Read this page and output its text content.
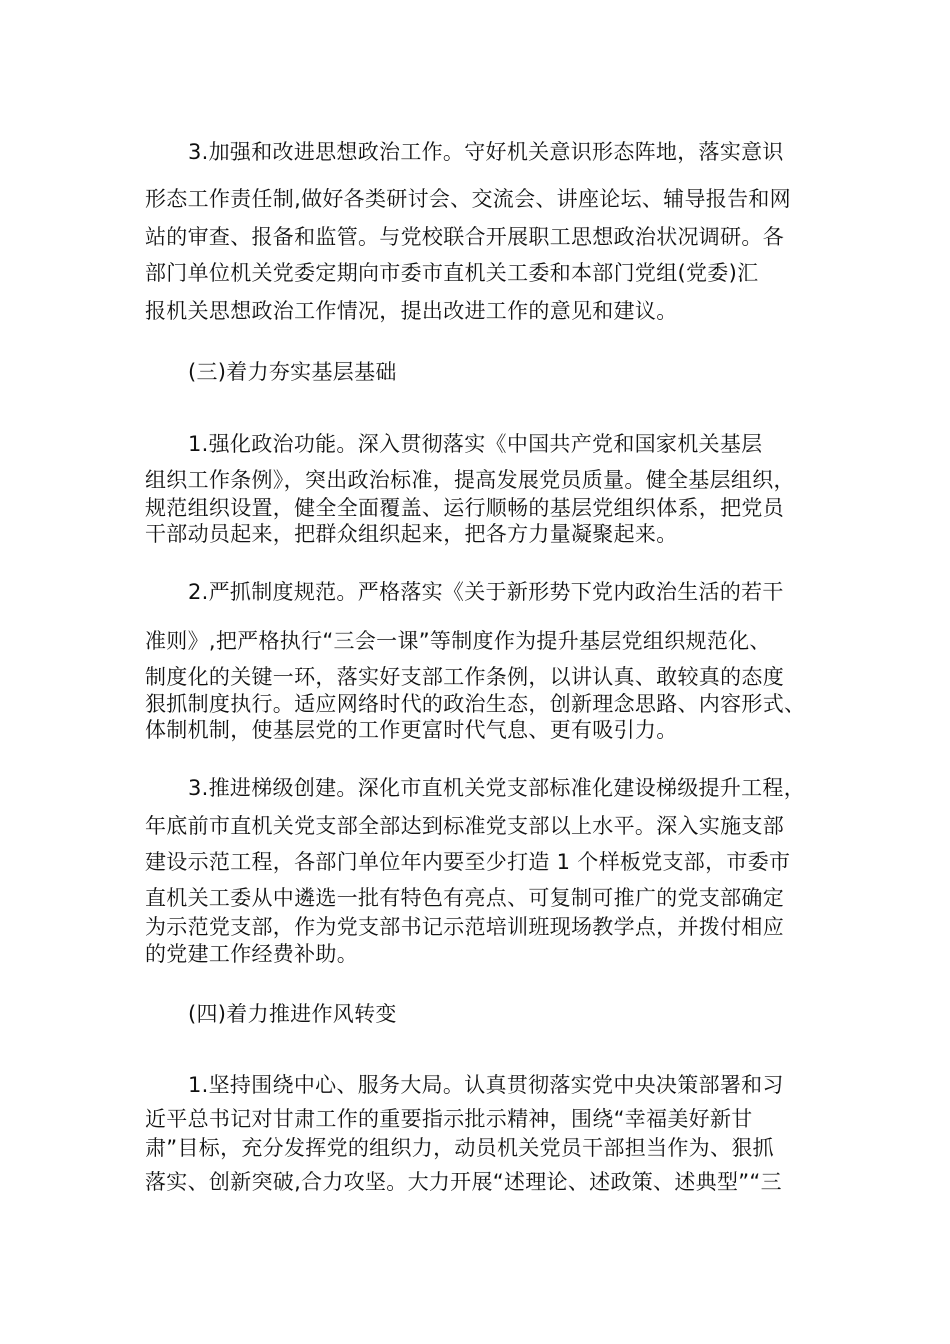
3.加强和改进思想政治工作。守好机关意识形态阵地，落实意识
形态工作责任制,做好各类研讨会、交流会、讲座论坛、辅导报告和网
站的审查、报备和监管。与党校联合开展职工思想政治状况调研。各
部门单位机关党委定期向市委市直机关工委和本部门党组(党委)汇
报机关思想政治工作情况，提出改进工作的意见和建议。
(三)着力夯实基层基础
1.强化政治功能。深入贯彻落实《中国共产党和国家机关基层
组织工作条例》，突出政治标准，提高发展党员质量。健全基层组织，
规范组织设置，健全全面覆盖、运行顺畅的基层党组织体系，把党员
干部动员起来，把群众组织起来，把各方力量凝聚起来。
2.严抓制度规范。严格落实《关于新形势下党内政治生活的若干
准则》,把严格执行“三会一课”等制度作为提升基层党组织规范化、
制度化的关键一环，落实好支部工作条例，以讲认真、敢较真的态度
狠抓制度执行。适应网络时代的政治生态，创新理念思路、内容形式、
体制机制，使基层党的工作更富时代气息、更有吸引力。
3.推进梯级创建。深化市直机关党支部标准化建设梯级提升工程，
年底前市直机关党支部全部达到标准党支部以上水平。深入实施支部
建设示范工程，各部门单位年内要至少打造 1 个样板党支部，市委市
直机关工委从中遴选一批有特色有亮点、可复制可推广的党支部确定
为示范党支部，作为党支部书记示范培训班现场教学点，并拨付相应
的党建工作经费补助。
(四)着力推进作风转变
1.坚持围绕中心、服务大局。认真贯彻落实党中央决策部署和习
近平总书记对甘肃工作的重要指示批示精神，围绕“幸福美好新甘
肃”目标，充分发挥党的组织力，动员机关党员干部担当作为、狠抓
落实、创新突破,合力攻坚。大力开展“述理论、述政策、述典型”“三
